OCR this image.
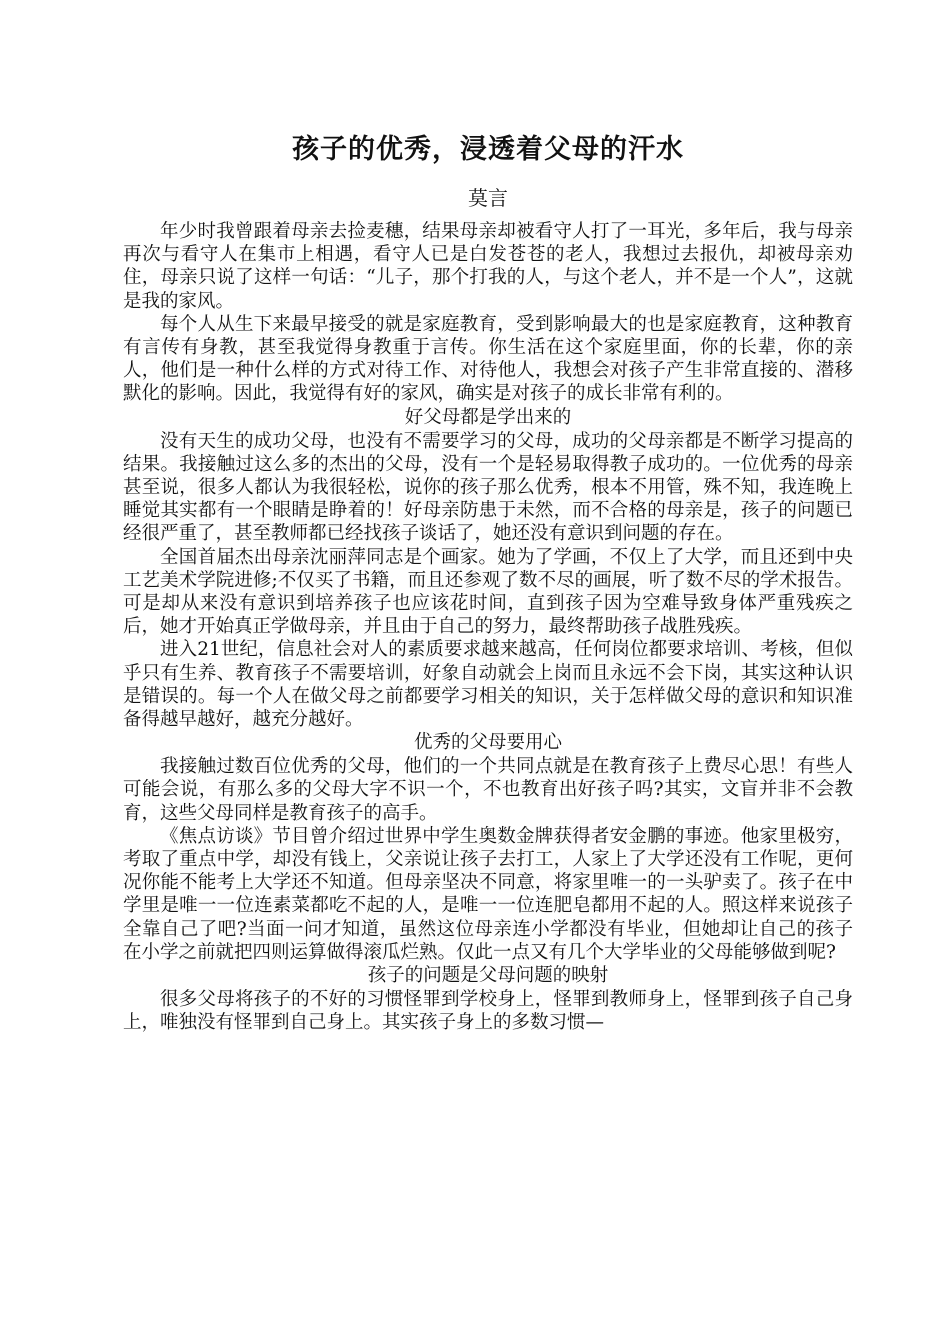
孩子的优秀，浸透着父母的汗水
莫言

年少时我曾跟着母亲去捡麦穗，结果母亲却被看守人打了一耳光，多年后，我与母亲再次与看守人在集市上相遇，看守人已是白发苍苍的老人，我想过去报仇，却被母亲劝住，母亲只说了这样一句话：“儿子，那个打我的人，与这个老人，并不是一个人”，这就是我的家风。

每个人从生下来最早接受的就是家庭教育，受到影响最大的也是家庭教育，这种教育有言传有身教，甚至我觉得身教重于言传。你生活在这个家庭里面，你的长辈，你的亲人，他们是一种什么样的方式对待工作、对待他人，我想会对孩子产生非常直接的、潜移默化的影响。因此，我觉得有好的家风，确实是对孩子的成长非常有利的。

好父母都是学出来的

没有天生的成功父母，也没有不需要学习的父母，成功的父母亲都是不断学习提高的结果。我接触过这么多的杰出的父母，没有一个是轻易取得教子成功的。一位优秀的母亲甚至说，很多人都认为我很轻松，说你的孩子那么优秀，根本不用管，殊不知，我连晚上睡觉其实都有一个眼睛是睁着的！好母亲防患于未然，而不合格的母亲是，孩子的问题已经很严重了，甚至教师都已经找孩子谈话了，她还没有意识到问题的存在。

全国首届杰出母亲沈丽萍同志是个画家。她为了学画，不仅上了大学，而且还到中央工艺美术学院进修;不仅买了书籍，而且还参观了数不尽的画展，听了数不尽的学术报告。可是却从来没有意识到培养孩子也应该花时间，直到孩子因为空难导致身体严重残疾之后，她才开始真正学做母亲，并且由于自己的努力，最终帮助孩子战胜残疾。

进入21世纪，信息社会对人的素质要求越来越高，任何岗位都要求培训、考核，但似乎只有生养、教育孩子不需要培训，好象自动就会上岗而且永远不会下岗，其实这种认识是错误的。每一个人在做父母之前都要学习相关的知识，关于怎样做父母的意识和知识准备得越早越好，越充分越好。

优秀的父母要用心

我接触过数百位优秀的父母，他们的一个共同点就是在教育孩子上费尽心思！有些人可能会说，有那么多的父母大字不识一个，不也教育出好孩子吗?其实，文盲并非不会教育，这些父母同样是教育孩子的高手。

《焦点访谈》节目曾介绍过世界中学生奥数金牌获得者安金鹏的事迹。他家里极穷，考取了重点中学，却没有钱上，父亲说让孩子去打工，人家上了大学还没有工作呢，更何况你能不能考上大学还不知道。但母亲坚决不同意，将家里唯一的一头驴卖了。孩子在中学里是唯一一位连素菜都吃不起的人，是唯一一位连肥皂都用不起的人。照这样来说孩子全靠自己了吧?当面一问才知道，虽然这位母亲连小学都没有毕业，但她却让自己的孩子在小学之前就把四则运算做得滚瓜烂熟。仅此一点又有几个大学毕业的父母能够做到呢?

孩子的问题是父母问题的映射

很多父母将孩子的不好的习惯怪罪到学校身上，怪罪到教师身上，怪罪到孩子自己身上，唯独没有怪罪到自己身上。其实孩子身上的多数习惯—
